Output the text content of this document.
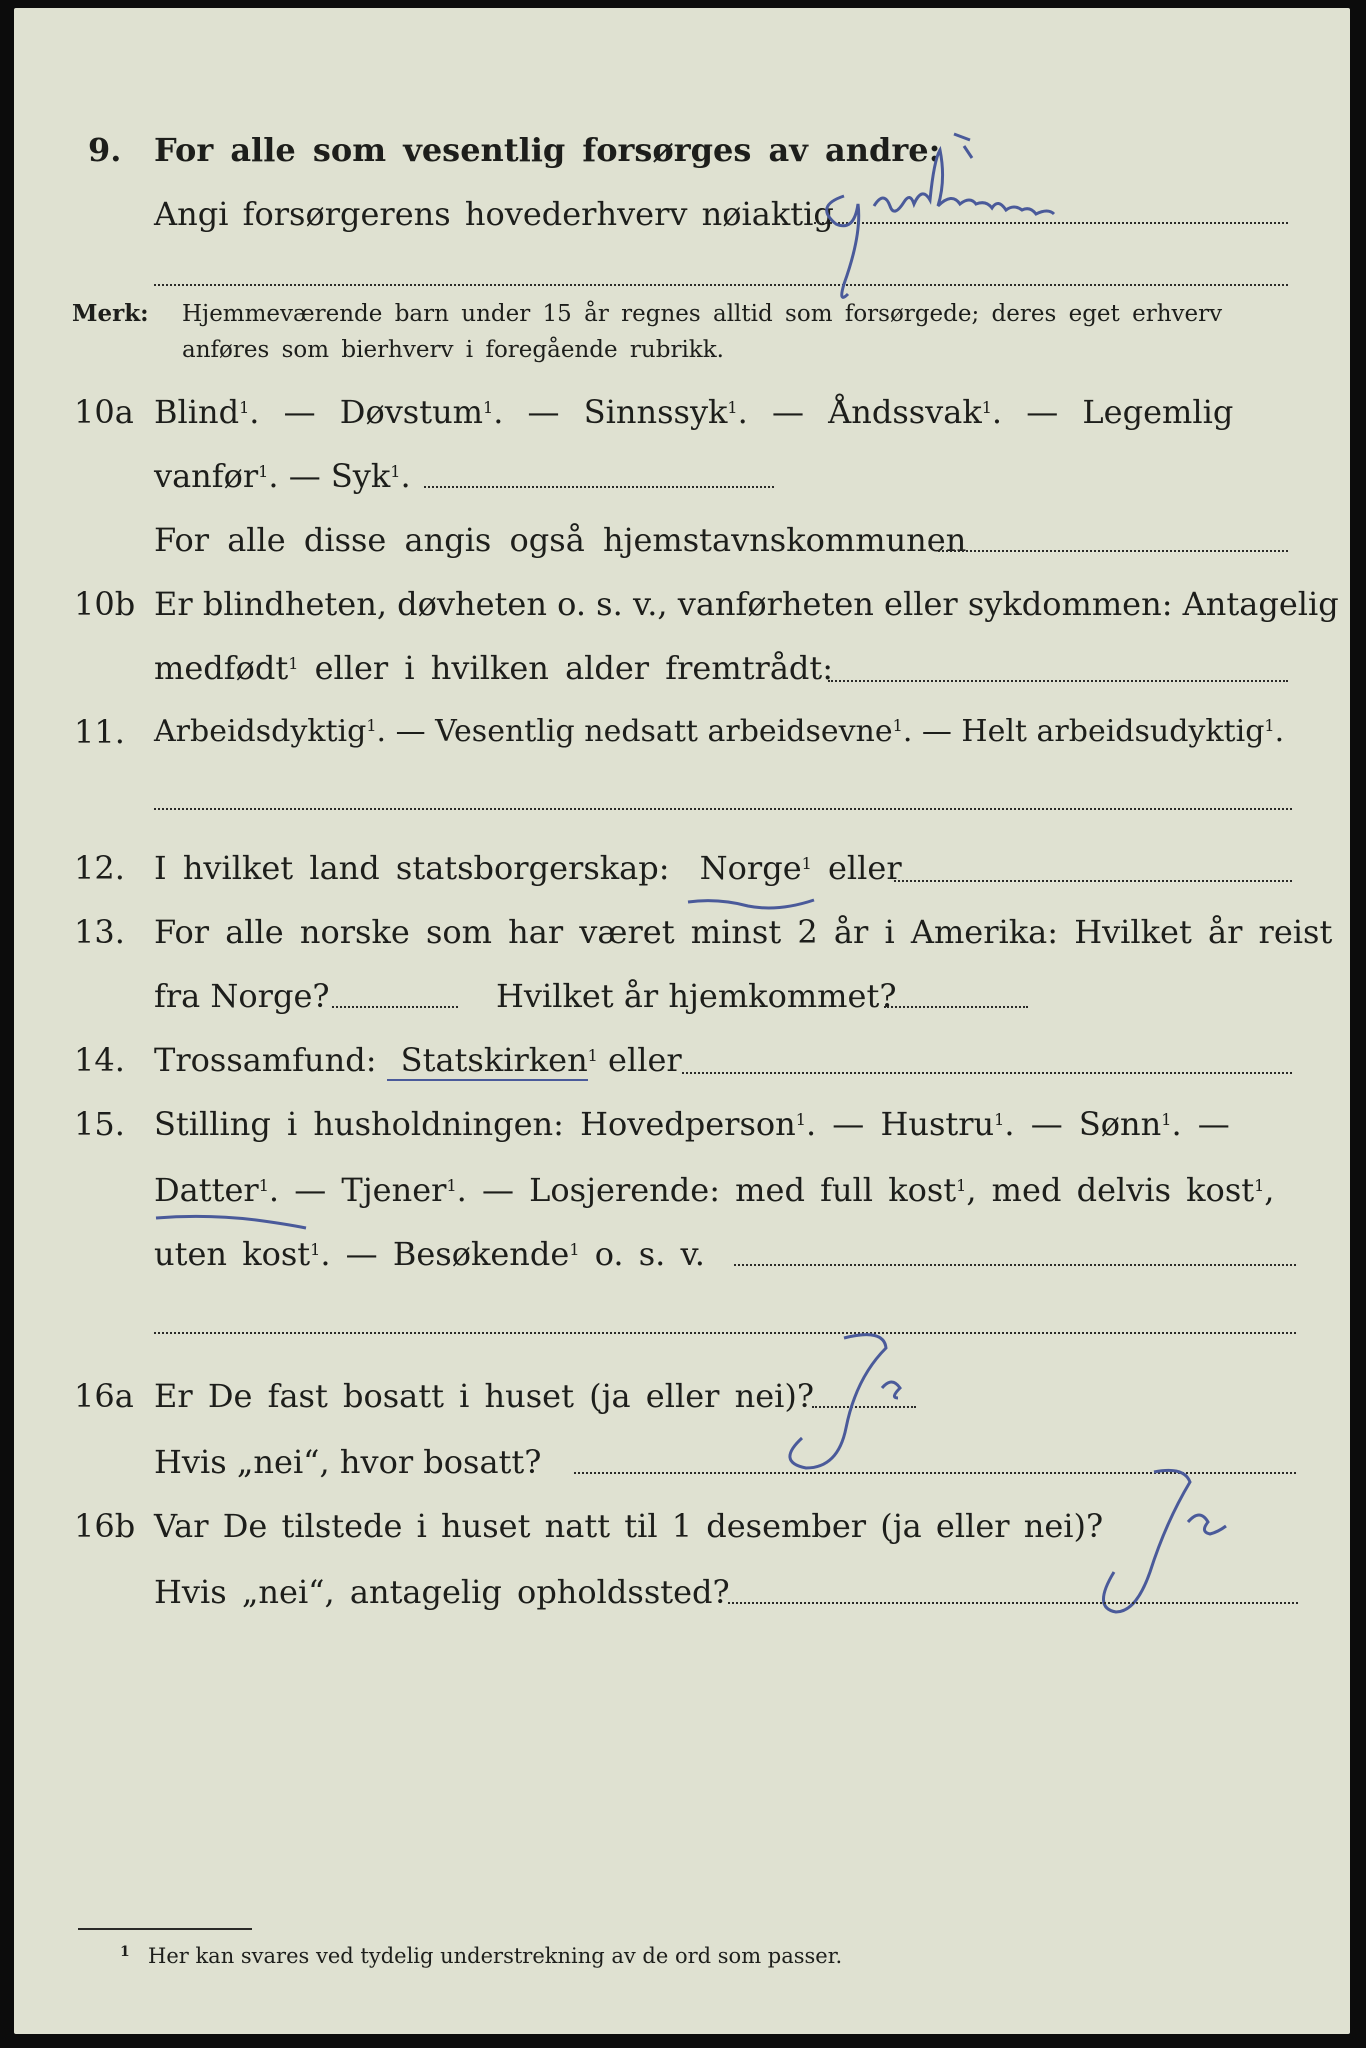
9. For alle som vesentlig forsørges av andre:
Angi forsørgerens hovederhverv nøiaktig	gårdbruker
Merk: Hjemmeværende barn under 15 år regnes alltid som forsørgede; deres eget erhverv
anføres som bierhverv i foregående rubrikk.
10a Blind$^1$. — Døvstum$^1$. — Sinnssyk$^1$. — Åndssvak$^1$. — Legemlig
vanfør$^1$. — Syk$^1$.
For alle disse angis også hjemstavnskommunen
10b Er blindheten, døvheten o. s. v., vanførheten eller sykdommen: Antagelig
medfødt$^1$ eller i hvilken alder fremtrådt:
11. Arbeidsdyktig$^1$. — Vesentlig nedsatt arbeidsevne$^1$. — Helt arbeidsudyktig$^1$.
12. I hvilket land statsborgerskap: Norge$^1$ eller
13. For alle norske som har været minst 2 år i Amerika: Hvilket år reist
fra Norge?	Hvilket år hjemkommet?
14. Trossamfund: Statskirken$^1$ eller
15. Stilling i husholdningen: Hovedperson$^1$. — Hustru$^1$. — Sønn$^1$. —
Datter$^1$. — Tjener$^1$. — Losjerende: med full kost$^1$, med delvis kost$^1$,
uten kost$^1$. — Besøkende$^1$ o. s. v.
16a Er De fast bosatt i huset (ja eller nei)?
Hvis „nei“, hvor bosatt?
16b Var De tilstede i huset natt til 1 desember (ja eller nei)?
Hvis „nei“, antagelig opholdssted?
1 Her kan svares ved tydelig understrekning av de ord som passer.
